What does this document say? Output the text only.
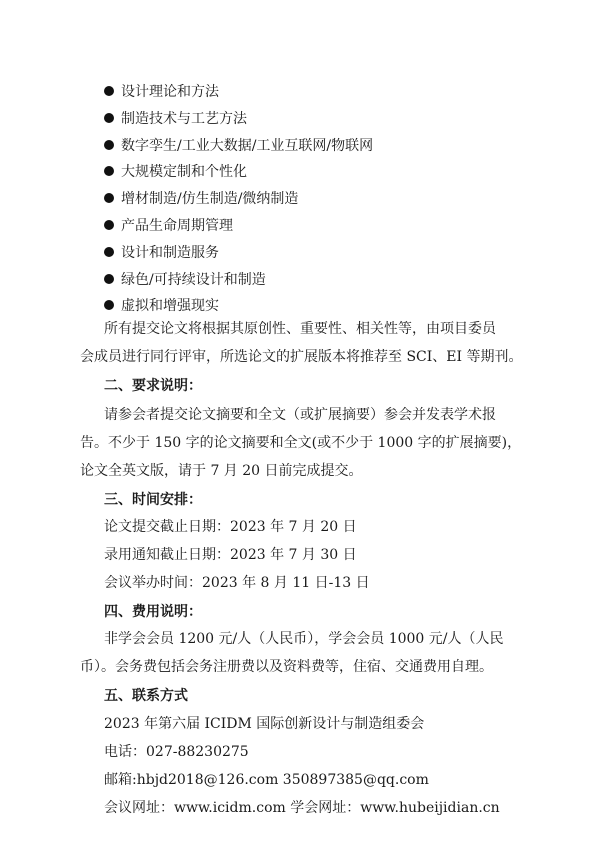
设计理论和方法
制造技术与工艺方法
数字孪生/工业大数据/工业互联网/物联网
大规模定制和个性化
增材制造/仿生制造/微纳制造
产品生命周期管理
设计和制造服务
绿色/可持续设计和制造
虚拟和增强现实
所有提交论文将根据其原创性、重要性、相关性等，由项目委员
会成员进行同行评审，所选论文的扩展版本将推荐至 SCI、EI 等期刊。
二、要求说明：
请参会者提交论文摘要和全文（或扩展摘要）参会并发表学术报
告。不少于 150 字的论文摘要和全文(或不少于 1000 字的扩展摘要)，
论文全英文版，请于 7 月 20 日前完成提交。
三、时间安排：
论文提交截止日期：2023 年 7 月 20 日
录用通知截止日期：2023 年 7 月 30 日
会议举办时间：2023 年 8 月 11 日-13 日
四、费用说明：
非学会会员 1200 元/人（人民币），学会会员 1000 元/人（人民
币）。会务费包括会务注册费以及资料费等，住宿、交通费用自理。
五、联系方式
2023 年第六届 ICIDM 国际创新设计与制造组委会
电话：027-88230275
邮箱:hbjd2018@126.com 350897385@qq.com
会议网址：www.icidm.com 学会网址：www.hubeijidian.cn
